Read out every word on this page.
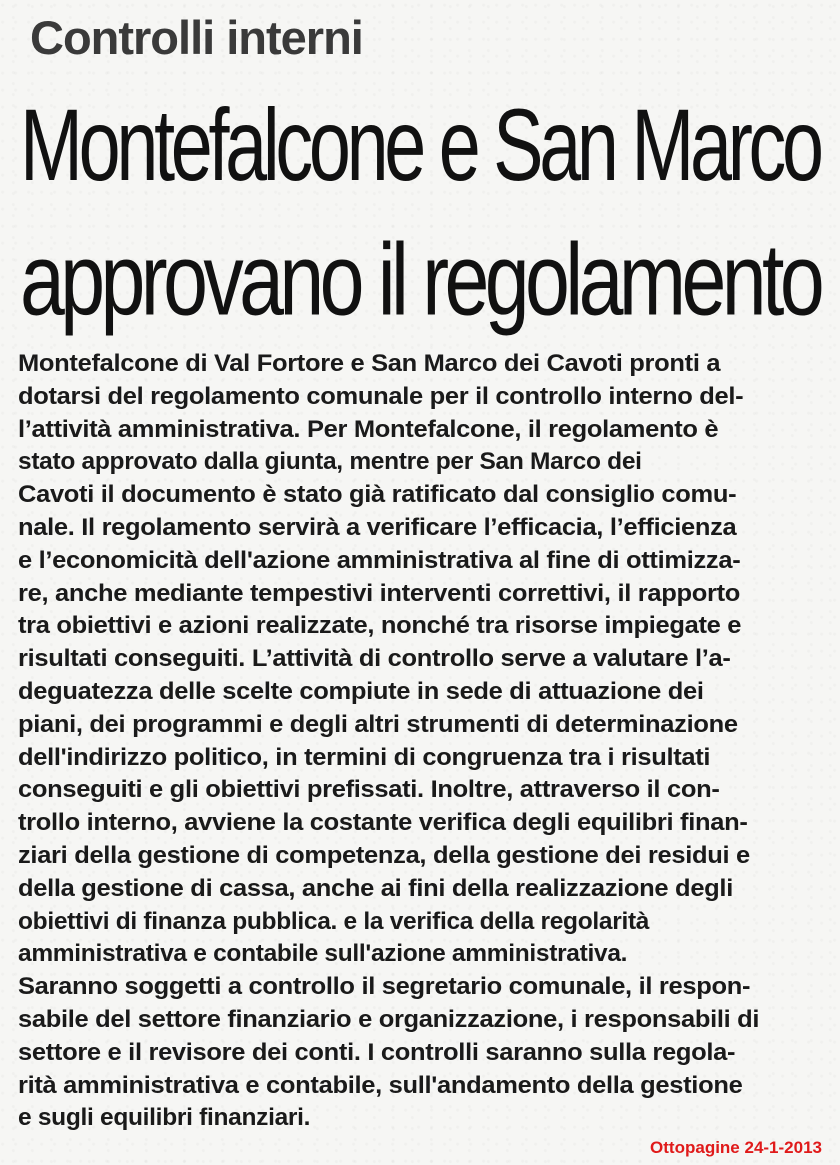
Controlli interni
Montefalcone e San Marco
approvano il regolamento
Montefalcone di Val Fortore e San Marco dei Cavoti pronti a
dotarsi del regolamento comunale per il controllo interno del-
l’attività amministrativa. Per Montefalcone, il regolamento è
stato approvato dalla giunta, mentre per San Marco dei
Cavoti il documento è stato già ratificato dal consiglio comu-
nale. Il regolamento servirà a verificare l’efficacia, l’efficienza
e l’economicità dell'azione amministrativa al fine di ottimizza-
re, anche mediante tempestivi interventi correttivi, il rapporto
tra obiettivi e azioni realizzate, nonché tra risorse impiegate e
risultati conseguiti. L’attività di controllo serve a valutare l’a-
deguatezza delle scelte compiute in sede di attuazione dei
piani, dei programmi e degli altri strumenti di determinazione
dell'indirizzo politico, in termini di congruenza tra i risultati
conseguiti e gli obiettivi prefissati. Inoltre, attraverso il con-
trollo interno, avviene la costante verifica degli equilibri finan-
ziari della gestione di competenza, della gestione dei residui e
della gestione di cassa, anche ai fini della realizzazione degli
obiettivi di finanza pubblica. e la verifica della regolarità
amministrativa e contabile sull'azione amministrativa.
Saranno soggetti a controllo il segretario comunale, il respon-
sabile del settore finanziario e organizzazione, i responsabili di
settore e il revisore dei conti. I controlli saranno sulla regola-
rità amministrativa e contabile, sull'andamento della gestione
e sugli equilibri finanziari.
Ottopagine 24-1-2013
